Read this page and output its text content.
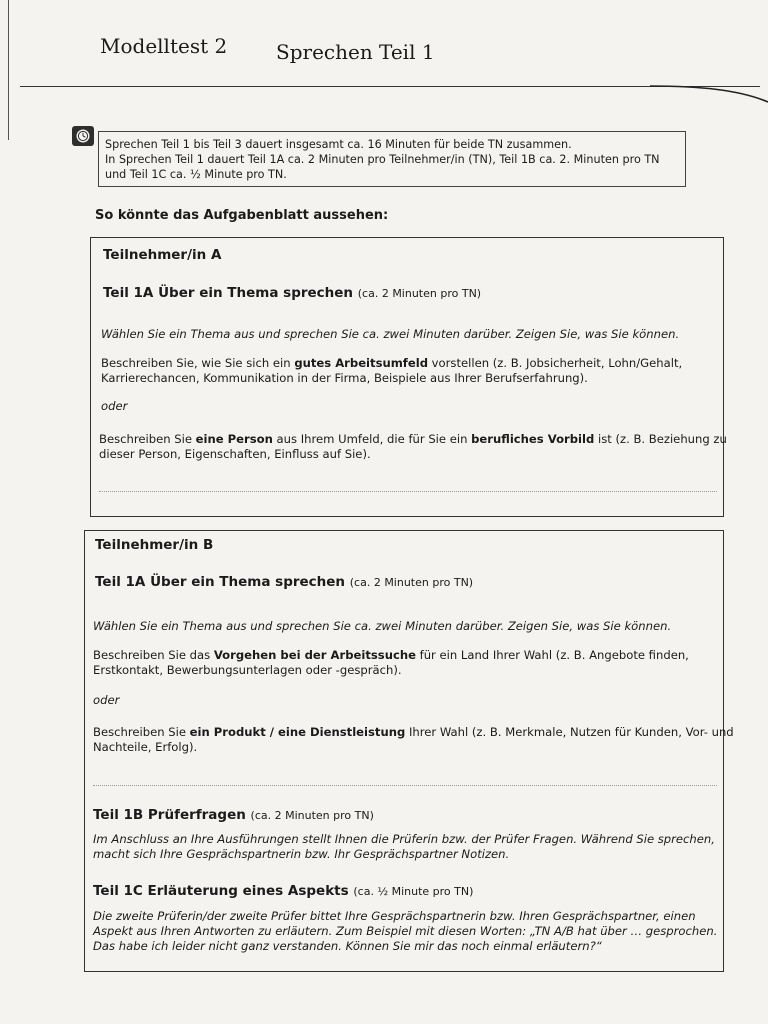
Modelltest 2 Sprechen Teil 1
Sprechen Teil 1 bis Teil 3 dauert insgesamt ca. 16 Minuten für beide TN zusammen.
In Sprechen Teil 1 dauert Teil 1A ca. 2 Minuten pro Teilnehmer/in (TN), Teil 1B ca. 2. Minuten pro TN
und Teil 1C ca. ½ Minute pro TN.
So könnte das Aufgabenblatt aussehen:
Teilnehmer/in A
Teil 1A Über ein Thema sprechen (ca. 2 Minuten pro TN)
Wählen Sie ein Thema aus und sprechen Sie ca. zwei Minuten darüber. Zeigen Sie, was Sie können.
Beschreiben Sie, wie Sie sich ein gutes Arbeitsumfeld vorstellen (z. B. Jobsicherheit, Lohn/Gehalt,
Karrierechancen, Kommunikation in der Firma, Beispiele aus Ihrer Berufserfahrung).
oder
Beschreiben Sie eine Person aus Ihrem Umfeld, die für Sie ein berufliches Vorbild ist (z. B. Beziehung zu
dieser Person, Eigenschaften, Einfluss auf Sie).
Teilnehmer/in B
Teil 1A Über ein Thema sprechen (ca. 2 Minuten pro TN)
Wählen Sie ein Thema aus und sprechen Sie ca. zwei Minuten darüber. Zeigen Sie, was Sie können.
Beschreiben Sie das Vorgehen bei der Arbeitssuche für ein Land Ihrer Wahl (z. B. Angebote finden,
Erstkontakt, Bewerbungsunterlagen oder -gespräch).
oder
Beschreiben Sie ein Produkt / eine Dienstleistung Ihrer Wahl (z. B. Merkmale, Nutzen für Kunden, Vor- und
Nachteile, Erfolg).
Teil 1B Prüferfragen (ca. 2 Minuten pro TN)
Im Anschluss an Ihre Ausführungen stellt Ihnen die Prüferin bzw. der Prüfer Fragen. Während Sie sprechen,
macht sich Ihre Gesprächspartnerin bzw. Ihr Gesprächspartner Notizen.
Teil 1C Erläuterung eines Aspekts (ca. ½ Minute pro TN)
Die zweite Prüferin/der zweite Prüfer bittet Ihre Gesprächspartnerin bzw. Ihren Gesprächspartner, einen
Aspekt aus Ihren Antworten zu erläutern. Zum Beispiel mit diesen Worten: „TN A/B hat über … gesprochen.
Das habe ich leider nicht ganz verstanden. Können Sie mir das noch einmal erläutern?“
